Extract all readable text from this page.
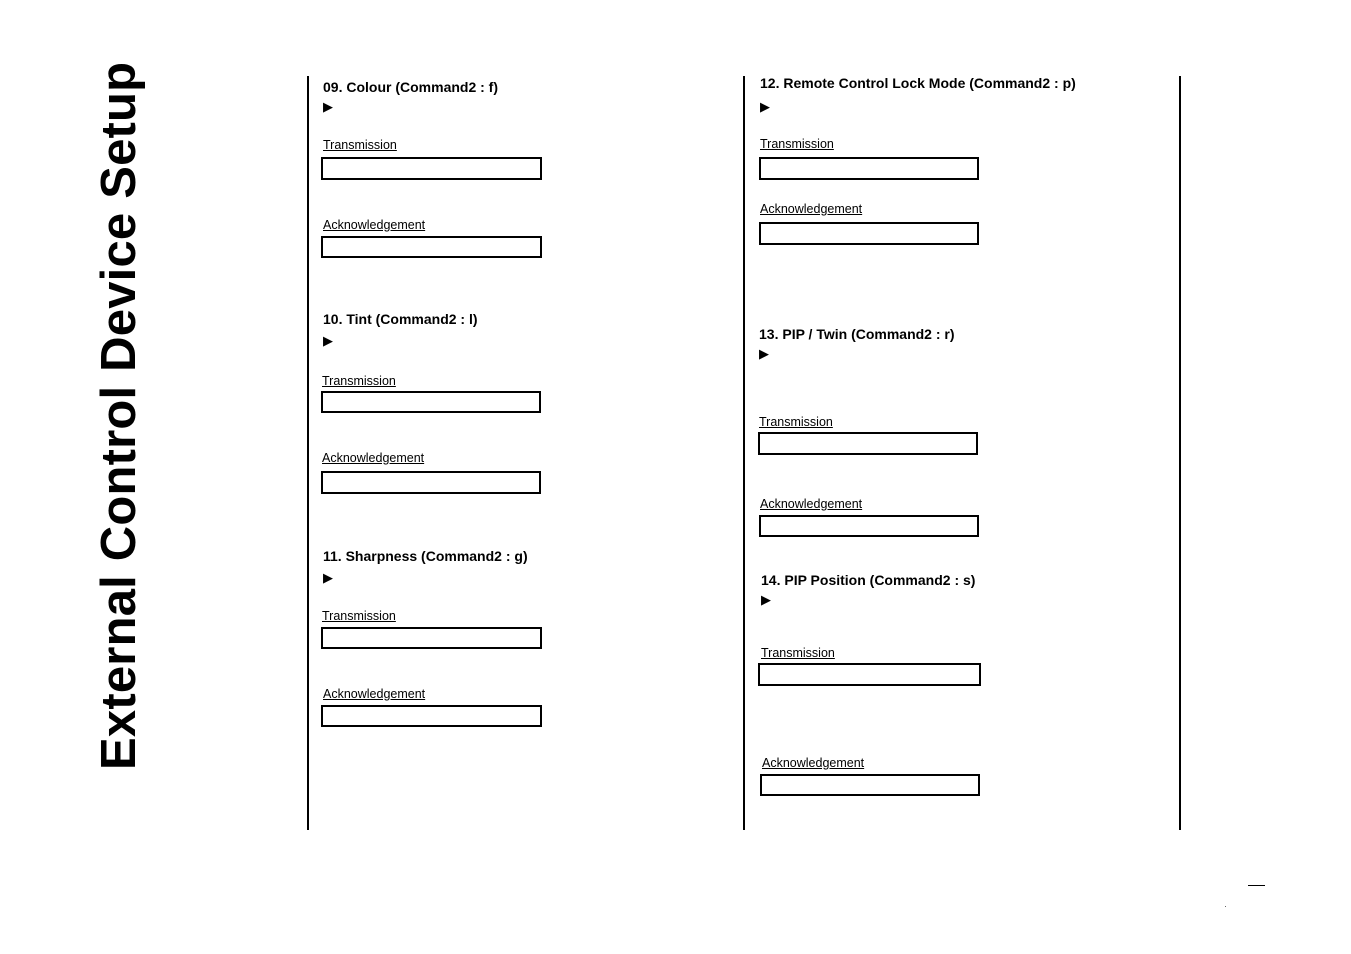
External Control Device Setup	09. Colour (Command2 : f)
▶
Transmission
Acknowledgement
10. Tint (Command2 : l)
▶
Transmission
Acknowledgement
11. Sharpness (Command2 : g)
▶
Transmission
Acknowledgement
12. Remote Control Lock Mode (Command2 : p)
▶
Transmission
Acknowledgement
13. PIP / Twin (Command2 : r)
▶
Transmission
Acknowledgement
14. PIP Position (Command2 : s)
▶
Transmission
Acknowledgement
